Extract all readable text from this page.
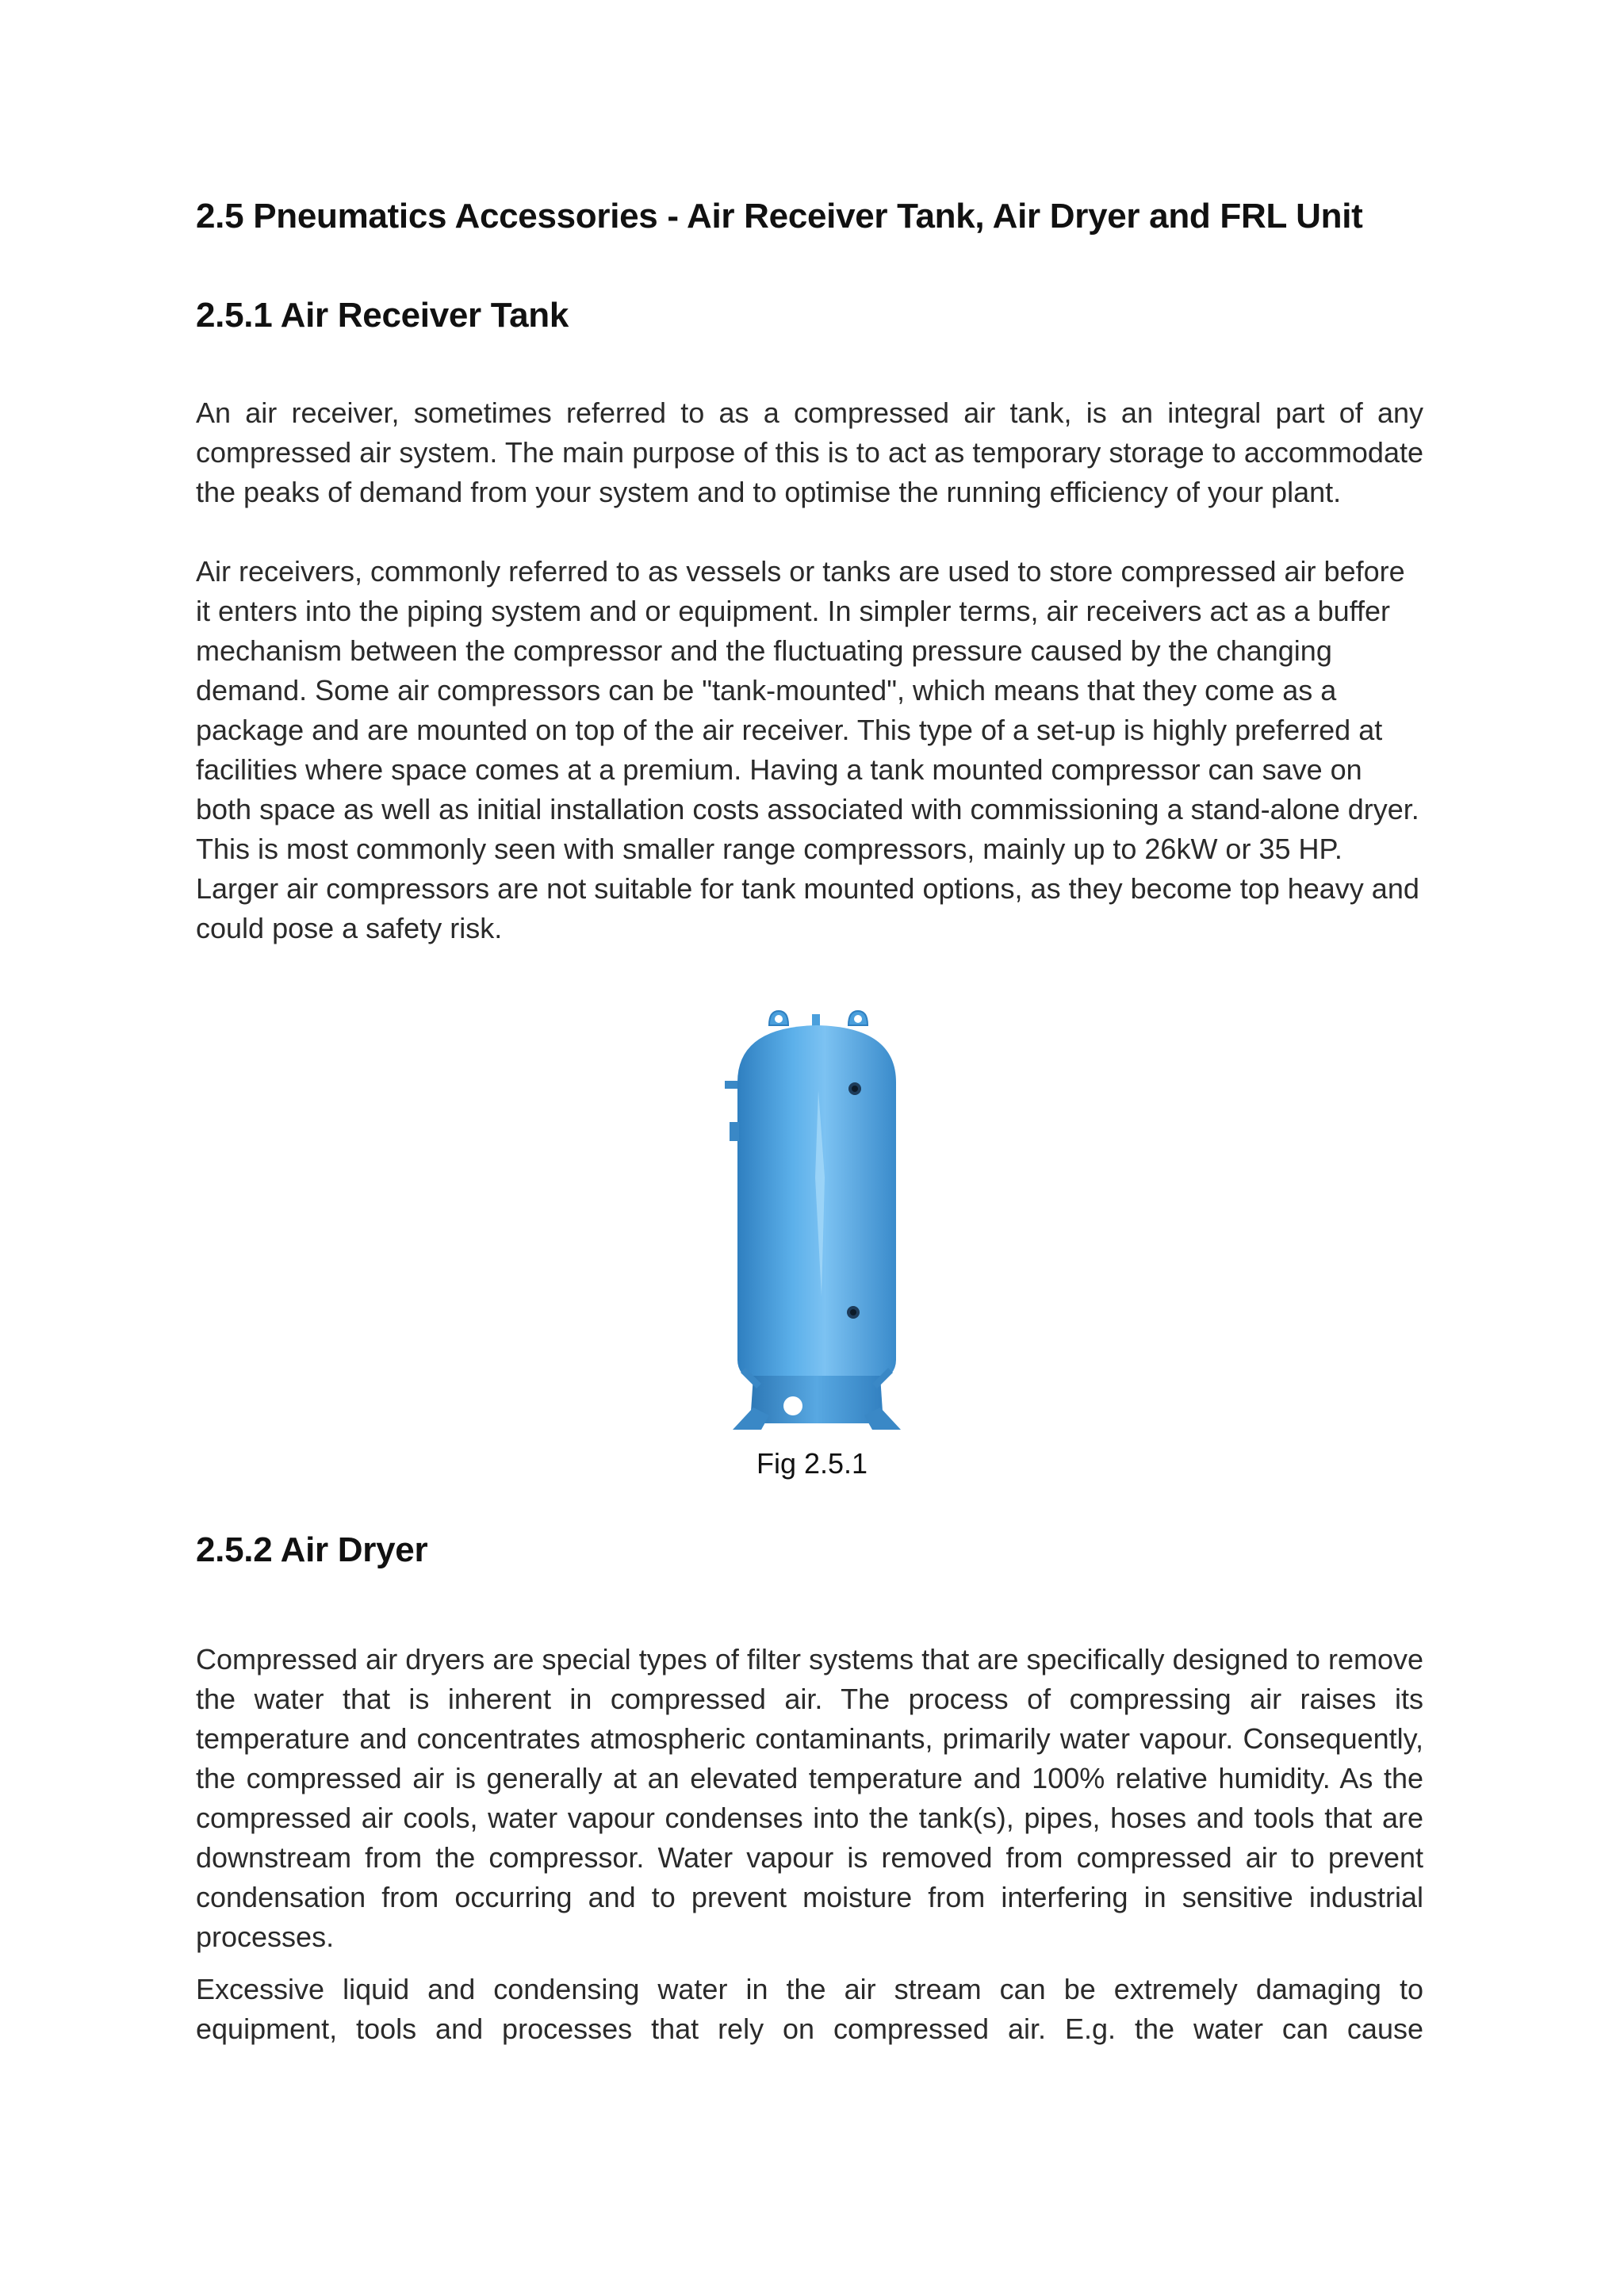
2.5 Pneumatics Accessories - Air Receiver Tank, Air Dryer and FRL Unit
2.5.1 Air Receiver Tank

An air receiver, sometimes referred to as a compressed air tank, is an integral part of any compressed air system. The main purpose of this is to act as temporary storage to accommodate the peaks of demand from your system and to optimise the running efficiency of your plant.

Air receivers, commonly referred to as vessels or tanks are used to store compressed air before it enters into the piping system and or equipment. In simpler terms, air receivers act as a buffer mechanism between the compressor and the fluctuating pressure caused by the changing demand. Some air compressors can be "tank-mounted", which means that they come as a package and are mounted on top of the air receiver. This type of a set-up is highly preferred at facilities where space comes at a premium. Having a tank mounted compressor can save on both space as well as initial installation costs associated with commissioning a stand-alone dryer. This is most commonly seen with smaller range compressors, mainly up to 26kW or 35 HP. Larger air compressors are not suitable for tank mounted options, as they become top heavy and could pose a safety risk.

2.5.2 Air Dryer

Compressed air dryers are special types of filter systems that are specifically designed to remove the water that is inherent in compressed air. The process of compressing air raises its temperature and concentrates atmospheric contaminants, primarily water vapour. Consequently, the compressed air is generally at an elevated temperature and 100% relative humidity. As the compressed air cools, water vapour condenses into the tank(s), pipes, hoses and tools that are downstream from the compressor. Water vapour is removed from compressed air to prevent condensation from occurring and to prevent moisture from interfering in sensitive industrial processes.

Excessive liquid and condensing water in the air stream can be extremely damaging to equipment, tools and processes that rely on compressed air. E.g. the water can cause

Fig 2.5.1
